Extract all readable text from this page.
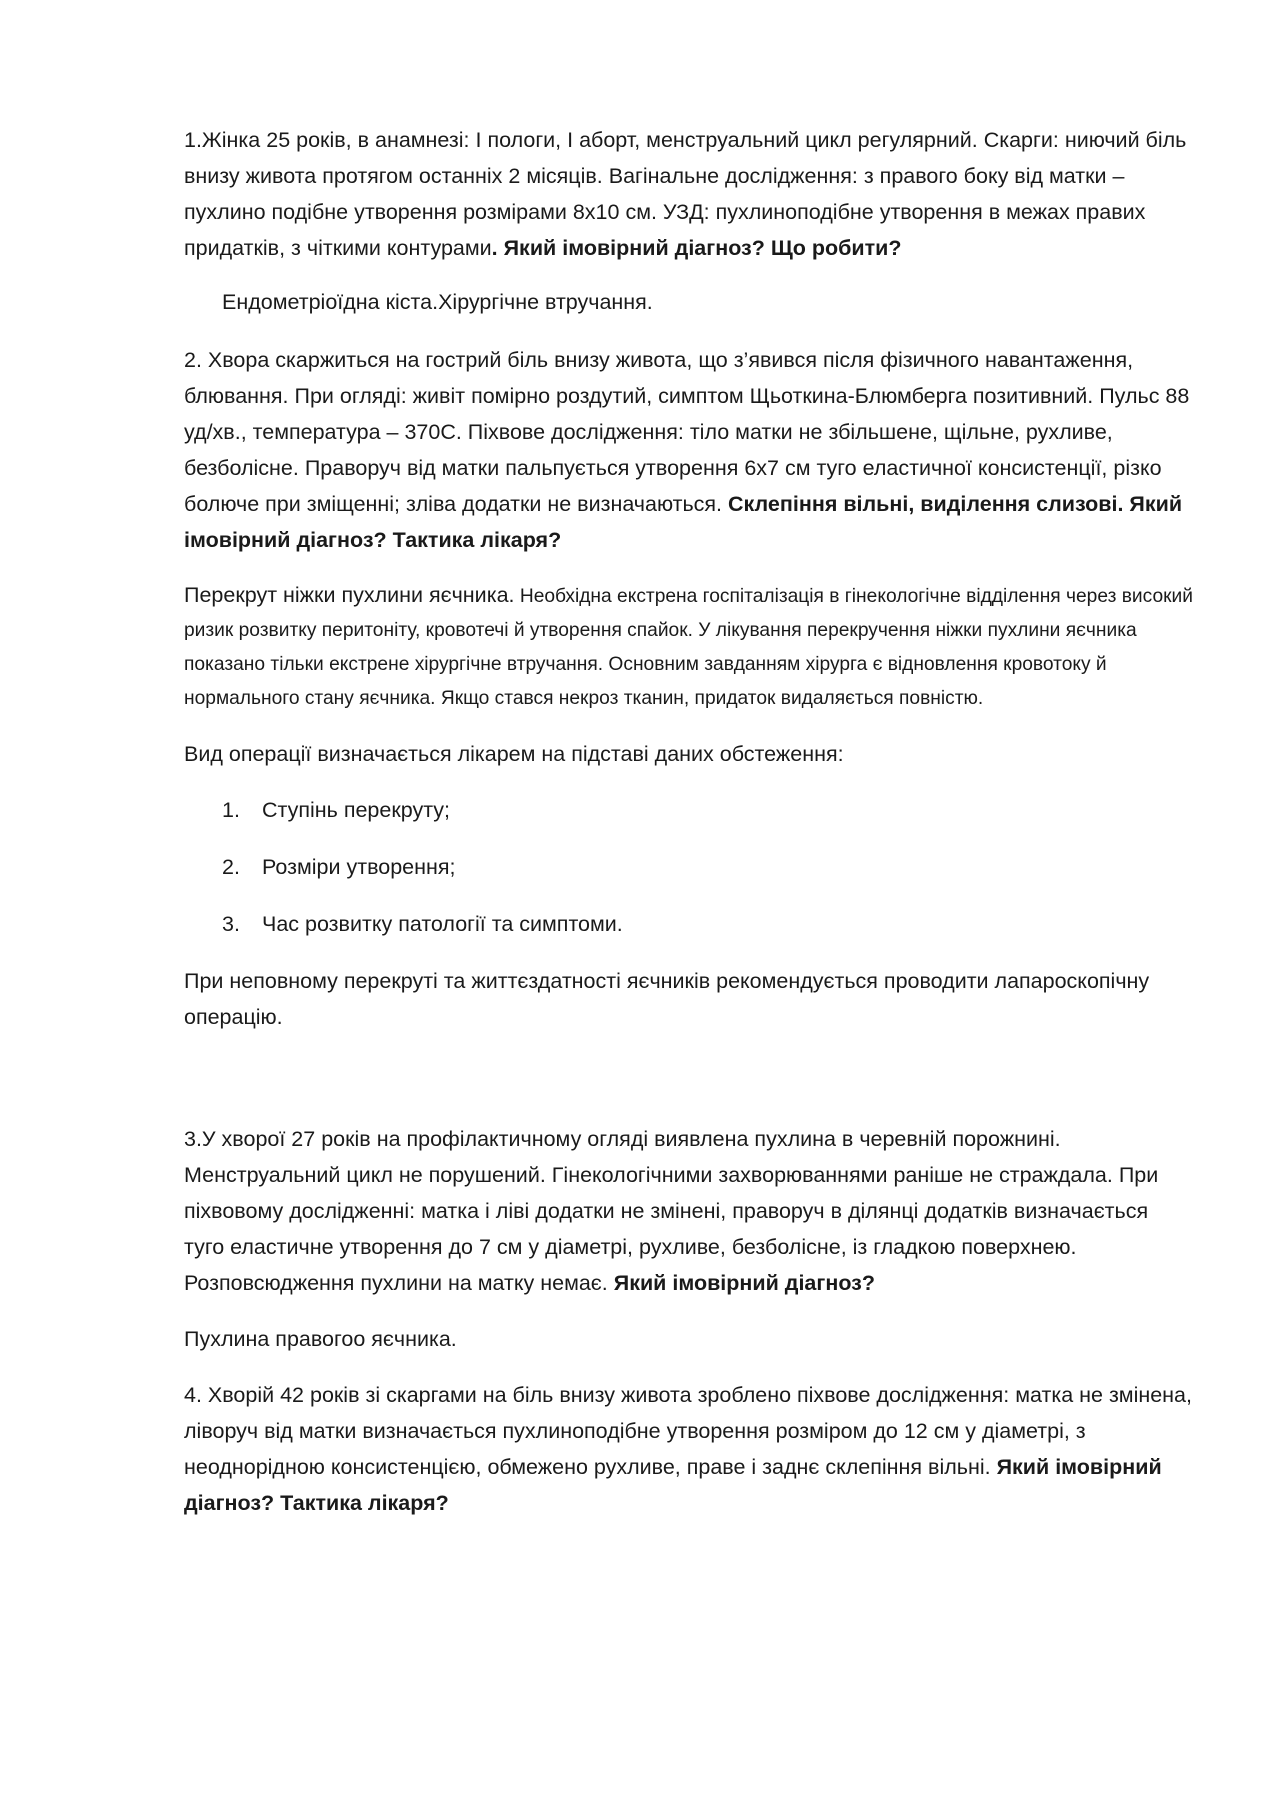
1.Жінка 25 років, в анамнезі: І пологи, І аборт, менструальний цикл регулярний. Скарги: ниючий біль внизу живота протягом останніх 2 місяців. Вагінальне дослідження: з правого боку від матки – пухлино подібне утворення розмірами 8х10 см. УЗД: пухлиноподібне утворення в межах правих придатків, з чіткими контурами. Який імовірний діагноз? Що робити?

Ендометріоїдна кіста.Хірургічне втручання.

2. Хвора скаржиться на гострий біль внизу живота, що з’явився після фізичного навантаження, блювання. При огляді: живіт помірно роздутий, симптом Щьоткина-Блюмберга позитивний. Пульс 88 уд/хв., температура – 370С. Піхвове дослідження: тіло матки не збільшене, щільне, рухливе, безболісне. Праворуч від матки пальпується утворення 6х7 см туго еластичної консистенції, різко болюче при зміщенні; зліва додатки не визначаються. Склепіння вільні, виділення слизові. Який імовірний діагноз? Тактика лікаря?

Перекрут ніжки пухлини яєчника. Необхідна екстрена госпіталізація в гінекологічне відділення через високий ризик розвитку перитоніту, кровотечі й утворення спайок. У лікування перекручення ніжки пухлини яєчника показано тільки екстрене хірургічне втручання. Основним завданням хірурга є відновлення кровотоку й нормального стану яєчника. Якщо стався некроз тканин, придаток видаляється повністю.

Вид операції визначається лікарем на підставі даних обстеження:

1.	Ступінь перекруту;
2.	Розміри утворення;
3.	Час розвитку патології та симптоми.

При неповному перекруті та життєздатності яєчників рекомендується проводити лапароскопічну операцію.

3.У хворої 27 років на профілактичному огляді виявлена пухлина в черевній порожнині. Менструальний цикл не порушений. Гінекологічними захворюваннями раніше не страждала. При піхвовому дослідженні: матка і ліві додатки не змінені, праворуч в ділянці додатків визначається туго еластичне утворення до 7 см у діаметрі, рухливе, безболісне, із гладкою поверхнею. Розповсюдження пухлини на матку немає. Який імовірний діагноз?

Пухлина правогоо яєчника.

4. Хворій 42 років зі скаргами на біль внизу живота зроблено піхвове дослідження: матка не змінена, ліворуч від матки визначається пухлиноподібне утворення розміром до 12 см у діаметрі, з неоднорідною консистенцією, обмежено рухливе, праве і заднє склепіння вільні. Який імовірний діагноз? Тактика лікаря?
